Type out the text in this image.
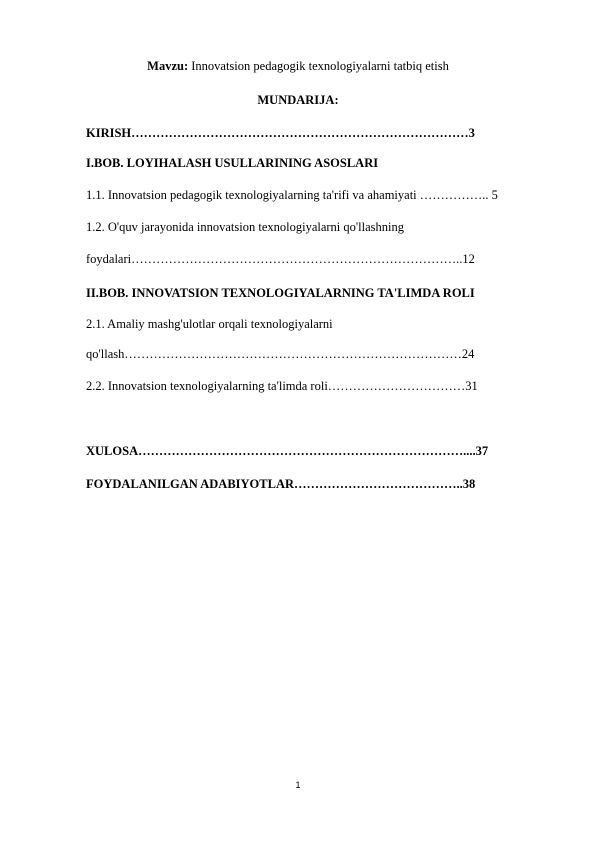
Mavzu: Innovatsion pedagogik texnologiyalarni tatbiq etish
MUNDARIJA:
KIRISH………………………………………………………………………3
I.BOB. LOYIHALASH USULLARINING ASOSLARI
1.1. Innovatsion pedagogik texnologiyalarning ta'rifi va ahamiyati …………….. 5
1.2. O'quv jarayonida innovatsion texnologiyalarni qo'llashning
foydalari……………………………………………………………………..12
II.BOB. INNOVATSION TEXNOLOGIYALARNING TA'LIMDA ROLI
2.1. Amaliy mashg'ulotlar orqali texnologiyalarni
qo'llash………………………………………………………………………24
2.2. Innovatsion texnologiyalarning ta'limda roli……………………………31
XULOSA……………………………………………………………………....37
FOYDALANILGAN ADABIYOTLAR…………………………………..38
1
